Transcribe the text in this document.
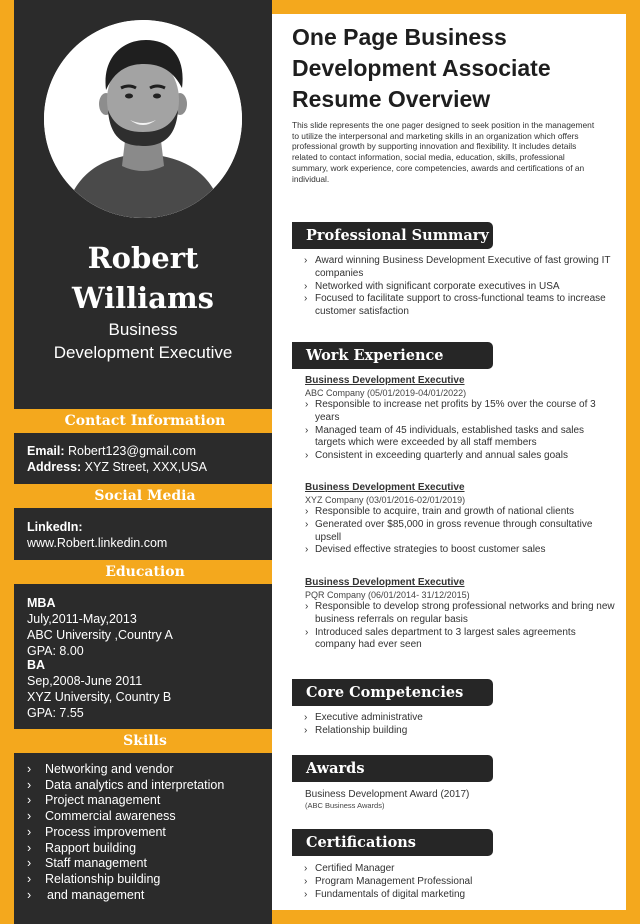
Robert
Williams
Business
Development Executive
Contact Information
Email: Robert123@gmail.com
Address: XYZ Street, XXX,USA
Social Media
LinkedIn:
www.Robert.linkedin.com
Education
MBA
July,2011-May,2013
ABC University ,Country A
GPA: 8.00
BA
Sep,2008-June 2011
XYZ University, Country B
GPA: 7.55
Skills
› Networking and vendor
› Data analytics and interpretation
› Project management
› Commercial awareness
› Process improvement
› Rapport building
› Staff management
› Relationship building
› and management
One Page Business
Development Associate
Resume Overview
This slide represents the one pager designed to seek position in the management to utilize the interpersonal and marketing skills in an organization which offers professional growth by supporting innovation and flexibility. It includes details related to contact information, social media, education, skills, professional summary, work experience, core competencies, awards and certifications of an individual.
Professional Summary
› Award winning Business Development Executive of fast growing IT companies
› Networked with significant corporate executives in USA
› Focused to facilitate support to cross-functional teams to increase customer satisfaction
Work Experience
Business Development Executive
ABC Company (05/01/2019-04/01/2022)
› Responsible to increase net profits by 15% over the course of 3 years
› Managed team of 45 individuals, established tasks and sales targets which were exceeded by all staff members
› Consistent in exceeding quarterly and annual sales goals
Business Development Executive
XYZ Company (03/01/2016-02/01/2019)
› Responsible to acquire, train and growth of national clients
› Generated over $85,000 in gross revenue through consultative upsell
› Devised effective strategies to boost customer sales
Business Development Executive
PQR Company (06/01/2014- 31/12/2015)
› Responsible to develop strong professional networks and bring new business referrals on regular basis
› Introduced sales department to 3 largest sales agreements company had ever seen
Core Competencies
› Executive administrative
› Relationship building
Awards
Business Development Award (2017)
(ABC Business Awards)
Certifications
› Certified Manager
› Program Management Professional
› Fundamentals of digital marketing
